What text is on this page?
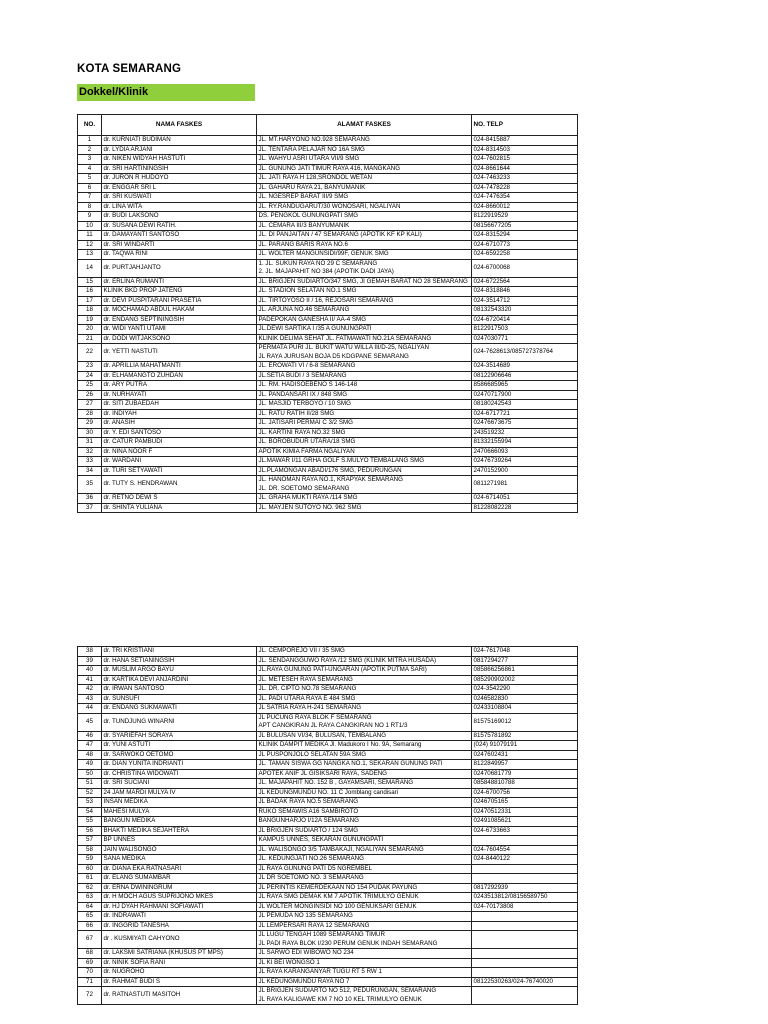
KOTA SEMARANG
Dokkel/Klinik
NO.	NAMA FASKES	ALAMAT FASKES	NO. TELP
1	dr. KURNIATI BUDIMAN	JL. MT.HARYONO NO.928 SEMARANG	024-8415887
2	dr. LYDIA ARJANI	JL. TENTARA PELAJAR NO 16A SMG	024-8314503
3	dr. NIKEN WIDYAH HASTUTI	JL. WAHYU ASRI UTARA VII/9 SMG	024-7602815
4	dr. SRI HARTININGSIH	JL. GUNUNG JATI TIMUR RAYA 416, MANGKANG	024-8661644
5	dr. JURON R HUDOYO	JL. JATI RAYA H 128,SRONDOL WETAN	024-7463233
6	dr. ENGGAR SRI L	JL. GAHARU RAYA 21, BANYUMANIK	024-7478228
7	dr. SRI KUSWATI	JL. NGESREP BARAT III/9 SMG	024-7476354
8	dr. LINA WITA	JL. RY.RANDUGARUT/30 WONOSARI, NGALIYAN	024-8660012
9	dr. BUDI LAKSONO	DS. PENGKOL GUNUNGPATI SMG	8122919529
10	dr. SUSANA DEWI RATIH.	JL. CEMARA III/3 BANYUMANIK	08156677205
11	dr. DAMAYANTI SANTOSO	JL. DI PANJAITAN / 47 SEMARANG (APOTIK KF KP KALI)	024-8315294
12	dr. SRI WINDARTI	JL. PARANG BARIS RAYA NO.6	024-6710773
13	dr. TAQWA RINI	JL. WOLTER MANGUNSIDI/99F, GENUK SMG	024-6592258
14	dr. PURTJAHJANTO	1. JL. SUKUN RAYA NO 29 C SEMARANG
2. JL. MAJAPAHIT NO 384 (APOTIK DADI JAYA)	024-6700068
15	dr. ERLINA RUMANTI	JL. BRIGJEN SUDIARTO/347 SMG, JI GEMAH BARAT NO 28 SEMARANG	024-6722564
16	KLINIK BKD PROP JATENG	JL. STADION SELATAN NO.1 SMG	024-8318846
17	dr. DEVI PUSPITARANI PRASETIA	JL. TIRTOYOSO II / 16, REJOSARI SEMARANG	024-3514712
18	dr. MOCHAMAD ABDUL HAKAM	JL. ARJUNA NO.46 SEMARANG	08132543320
19	dr. ENDANG SEPTININGSIH	PADEPOKAN GANESHA II/ AA-4 SMG	024-6720414
20	dr. WIDI YANTI UTAMI	JL.DEWI SARTIKA I /35 A GUNUNGPATI	8122917503
21	dr. DODI WITJAKSONO	KLINIK DELIMA SEHAT JL. FATMAWATI NO.21A SEMARANG	0247030771
22	dr. YETTI NASTUTI	PERMATA PURI JL. BUKIT WATU WILLA III/D-25, NGALIYAN
JL RAYA JURUSAN BOJA D5 KDGPANE SEMARANG	024-7628613/085727378764
23	dr. APRILLIA MAHATMANTI	JL. EROWATI VI / 6-8 SEMARANG	024-3514689
24	dr. ELHAMANGTO ZUHDAN	JL.SETIA BUDI / 3 SEMARANG	08122906646
25	dr. ARY PUTRA	JL. RM. HADISOEBENO S 146-148	8586685965
26	dr. NURHAYATI	JL. PANDANSARI IX / 848 SMG	02470717900
27	dr. SITI ZUBAEDAH	JL. MASJID TERBOYO / 10 SMG	08180242543
28	dr. INDIYAH	JL. RATU RATIH II/28 SMG	024-6717721
29	dr. ANASIH	JL. JATISARI PERMAI C 3/2 SMG	02476673675
30	dr. Y. EDI SANTOSO	JL. KARTINI RAYA NO.32 SMG	243519232
31	dr. CATUR PAMBUDI	JL. BOROBUDUR UTARA/18 SMG	81332155994
32	dr. NINA NOOR F	APOTIK KIMIA FARMA NGALIYAN	2470666093
33	dr. WARDANI	JL.MAWAR I/11 GRHA GOLF S.MULYO TEMBALANG SMG	02476739264
34	dr. TURI SETYAWATI	JL.PLAMONGAN ABADI/176 SMG, PEDURUNGAN	2470152900
35	dr. TUTY S. HENDRAWAN	JL. HANOMAN RAYA NO.1, KRAPYAK SEMARANG
JL. DR. SOETOMO SEMARANG	0811271981
36	dr. RETNO DEWI S	JL. GRAHA MUKTI RAYA /114 SMG	024-6714051
37	dr. SHINTA YULIANA	JL. MAYJEN SUTOYO NO. 962 SMG	81228082228
38	dr. TRI KRISTIANI	JL. CEMPOREJO VII / 35 SMG	024-7617048
39	dr. HANA SETIANINGSIH	JL. SENDANGGUWO RAYA /12 SMG (KLINIK MITRA HUSADA)	0817294277
40	dr. MUSLIM ARGO BAYU	JL.RAYA GUNUNG PATI-UNGARAN (APOTIK PUTMA SARI)	085866256861
41	dr. KARTIKA DEVI ANJARDINI	JL. METESEH RAYA SEMARANG	085290902002
42	dr. IRWAN SANTOSO	JL. DR. CIPTO NO.78 SEMARANG	024-3542290
43	dr. SUNSUFI	JL. PADI UTARA RAYA E 484 SMG	0246582830
44	dr. ENDANG SUKMAWATI	JL SATRIA RAYA H-241 SEMARANG	02433108804
45	dr. TUNDJUNG WINARNI	JL PUCUNG RAYA BLOK F SEMARANG
APT CANGKIRAN JL RAYA CANGKIRAN NO 1 RT1/3	81575169012
46	dr. SYARIEFAH SORAYA	JL BULUSAN VI/34, BULUSAN, TEMBALANG	81575781892
47	dr. YUNI ASTUTI	KLINIK DAMPIT MEDIKA Jl. Madukoro I No. 9A, Semarang	(024) 91079191
48	dr. SARWOKO OETOMO	JL PUSPONJOLO SELATAN 59A SMG	0247602431
49	dr. DIAN YUNITA INDRIANTI	JL. TAMAN SISWA GG NANGKA NO.1, SEKARAN GUNUNG PATI	8122849957
50	dr. CHRISTINA WIDOWATI	APOTEK ANIF JL GISIKSARI RAYA, SADENG	02470681779
51	dr. SRI SUCIANI	JL. MAJAPAHIT NO. 152 B , GAYAMSARI, SEMARANG	085848810788
52	24 JAM MARDI MULYA IV	JL KEDUNGMUNDU NO. 11 C Jomblang candisari	024-6700756
53	INSAN MEDIKA	JL BADAK RAYA NO.5 SEMARANG	0246705165
54	MAHESI MULYA	RUKO SEMAWIS A16 SAMBIROTO	02470512331
55	BANGUN MEDIKA	BANGUNHARJO I/12A SEMARANG	02491085621
56	BHAKTI MEDIKA SEJAHTERA	JL BRIGJEN SUDIARTO / 124 SMG	024-6733663
57	BP UNNES	KAMPUS UNNES, SEKARAN GUNUNGPATI	

58	JAIN WALISONGO	JL. WALISONGO 3/5 TAMBAKAJI, NGALIYAN SEMARANG	024-7604554
59	SANA MEDIKA	JL. KEDUNGJATI NO.26 SEMARANG	024-8440122
60	dr. DIANA EKA RATNASARI	JL RAYA GUNUNG PATI D5 NGREMBEL	

61	dr. ELANG SUMAMBAR	JL DR SOETOMO NO. 3 SEMARANG	

62	dr. ERNA DWININGRUM	JL PERINTIS KEMERDEKAAN NO 154 PUDAK PAYUNG	0817292939
63	dr. H MOCH AGUS SUPRIJONO MKES	JL RAYA SMG DEMAK KM 7 APOTIK TRIMULYO GENUK	0243513812/08156589750
64	dr. HJ DYAH RAHMANI SOFIAWATI	JL WOLTER MONGINSIDI NO 100 GENUKSARI GENUK	024-70173808
65	dr. INDRAWATI	JL PEMUDA NO 135 SEMARANG	

66	dr. INGGRID TANESHA	JL LEMPERSARI RAYA 12 SEMARANG	

67	dr . KUSMIYATI CAHYONO	JL LUGU TENGAH 1089 SEMARANG TIMUR
JL PADI RAYA BLOK I/230 PERUM GENUK INDAH SEMARANG	

68	dr. LAKSMI SATRIANA (KHUSUS PT MPS)	JL SARWO EDI WIBOWO NO 234	

69	dr. NINIK SOFIA RANI	JL KI BEI WONGSO 1	

70	dr. NUGROHO	JL RAYA KARANGANYAR TUGU RT 5 RW 1	

71	dr. RAHMAT BUDI S	JL KEDUNGMUNDU RAYA NO 7	08122530263/024-76740020
72	dr. RATNASTUTI MASITOH	JL BRIGJEN SUDIARTO NO 512, PEDURUNGAN, SEMARANG
JL RAYA KALIGAWE KM 7 NO 10 KEL TRIMULYO GENUK	
